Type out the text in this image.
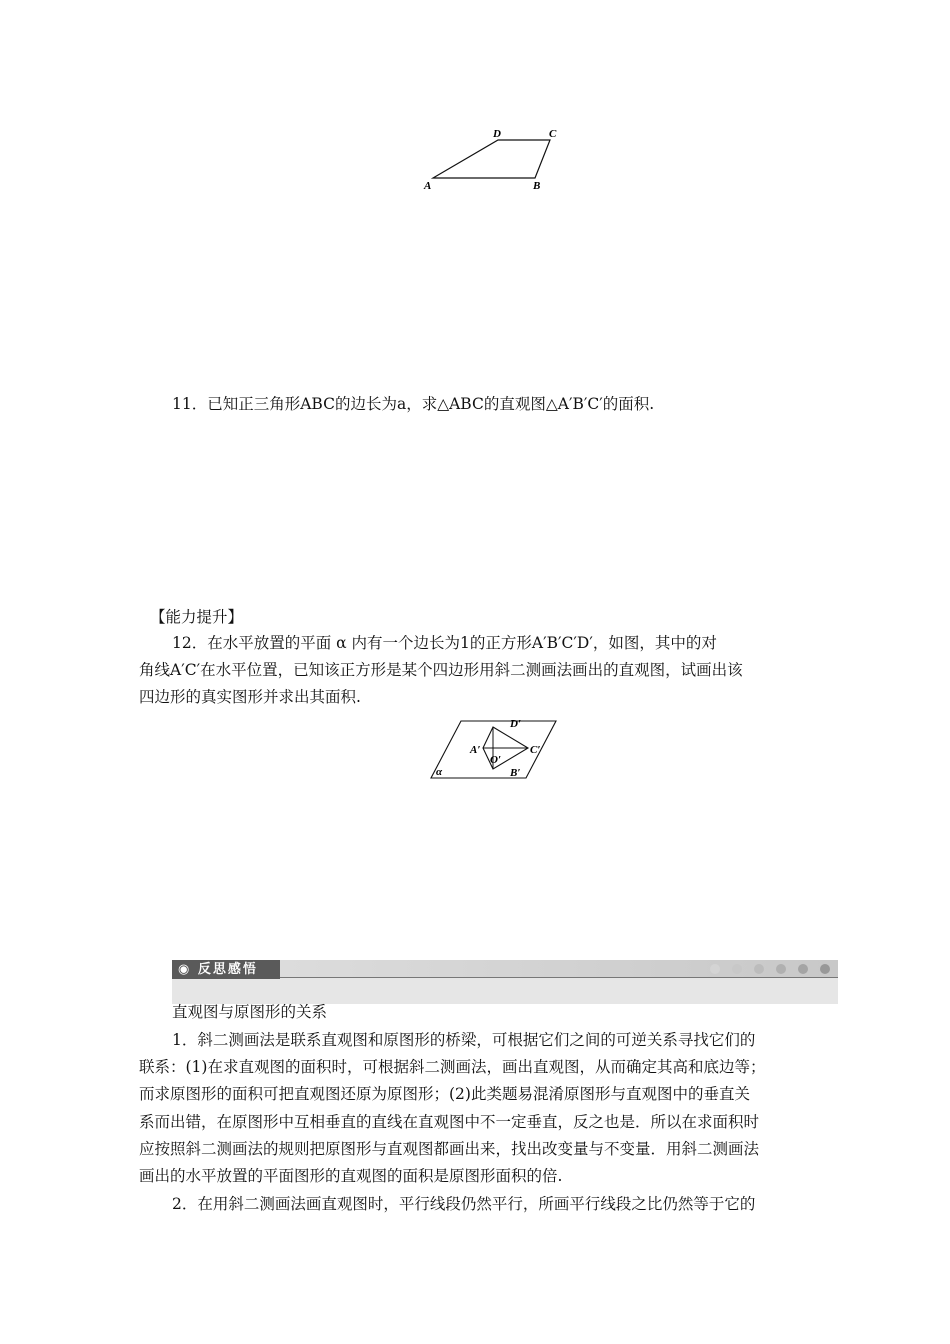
A	B
C
D
11．已知正三角形ABC的边长为a，求△ABC的直观图△A′B′C′的面积.
【能力提升】
12．在水平放置的平面 α 内有一个边长为1的正方形A′B′C′D′，如图，其中的对
角线A′C′在水平位置，已知该正方形是某个四边形用斜二测画法画出的直观图，试画出该
四边形的真实图形并求出其面积.
D′
A′	C′
O′
B′
α
◉ 反思感悟
直观图与原图形的关系
1．斜二测画法是联系直观图和原图形的桥梁，可根据它们之间的可逆关系寻找它们的
联系：(1)在求直观图的面积时，可根据斜二测画法，画出直观图，从而确定其高和底边等；
而求原图形的面积可把直观图还原为原图形；(2)此类题易混淆原图形与直观图中的垂直关
系而出错，在原图形中互相垂直的直线在直观图中不一定垂直，反之也是．所以在求面积时
应按照斜二测画法的规则把原图形与直观图都画出来，找出改变量与不变量．用斜二测画法
画出的水平放置的平面图形的直观图的面积是原图形面积的倍.
2．在用斜二测画法画直观图时，平行线段仍然平行，所画平行线段之比仍然等于它的
